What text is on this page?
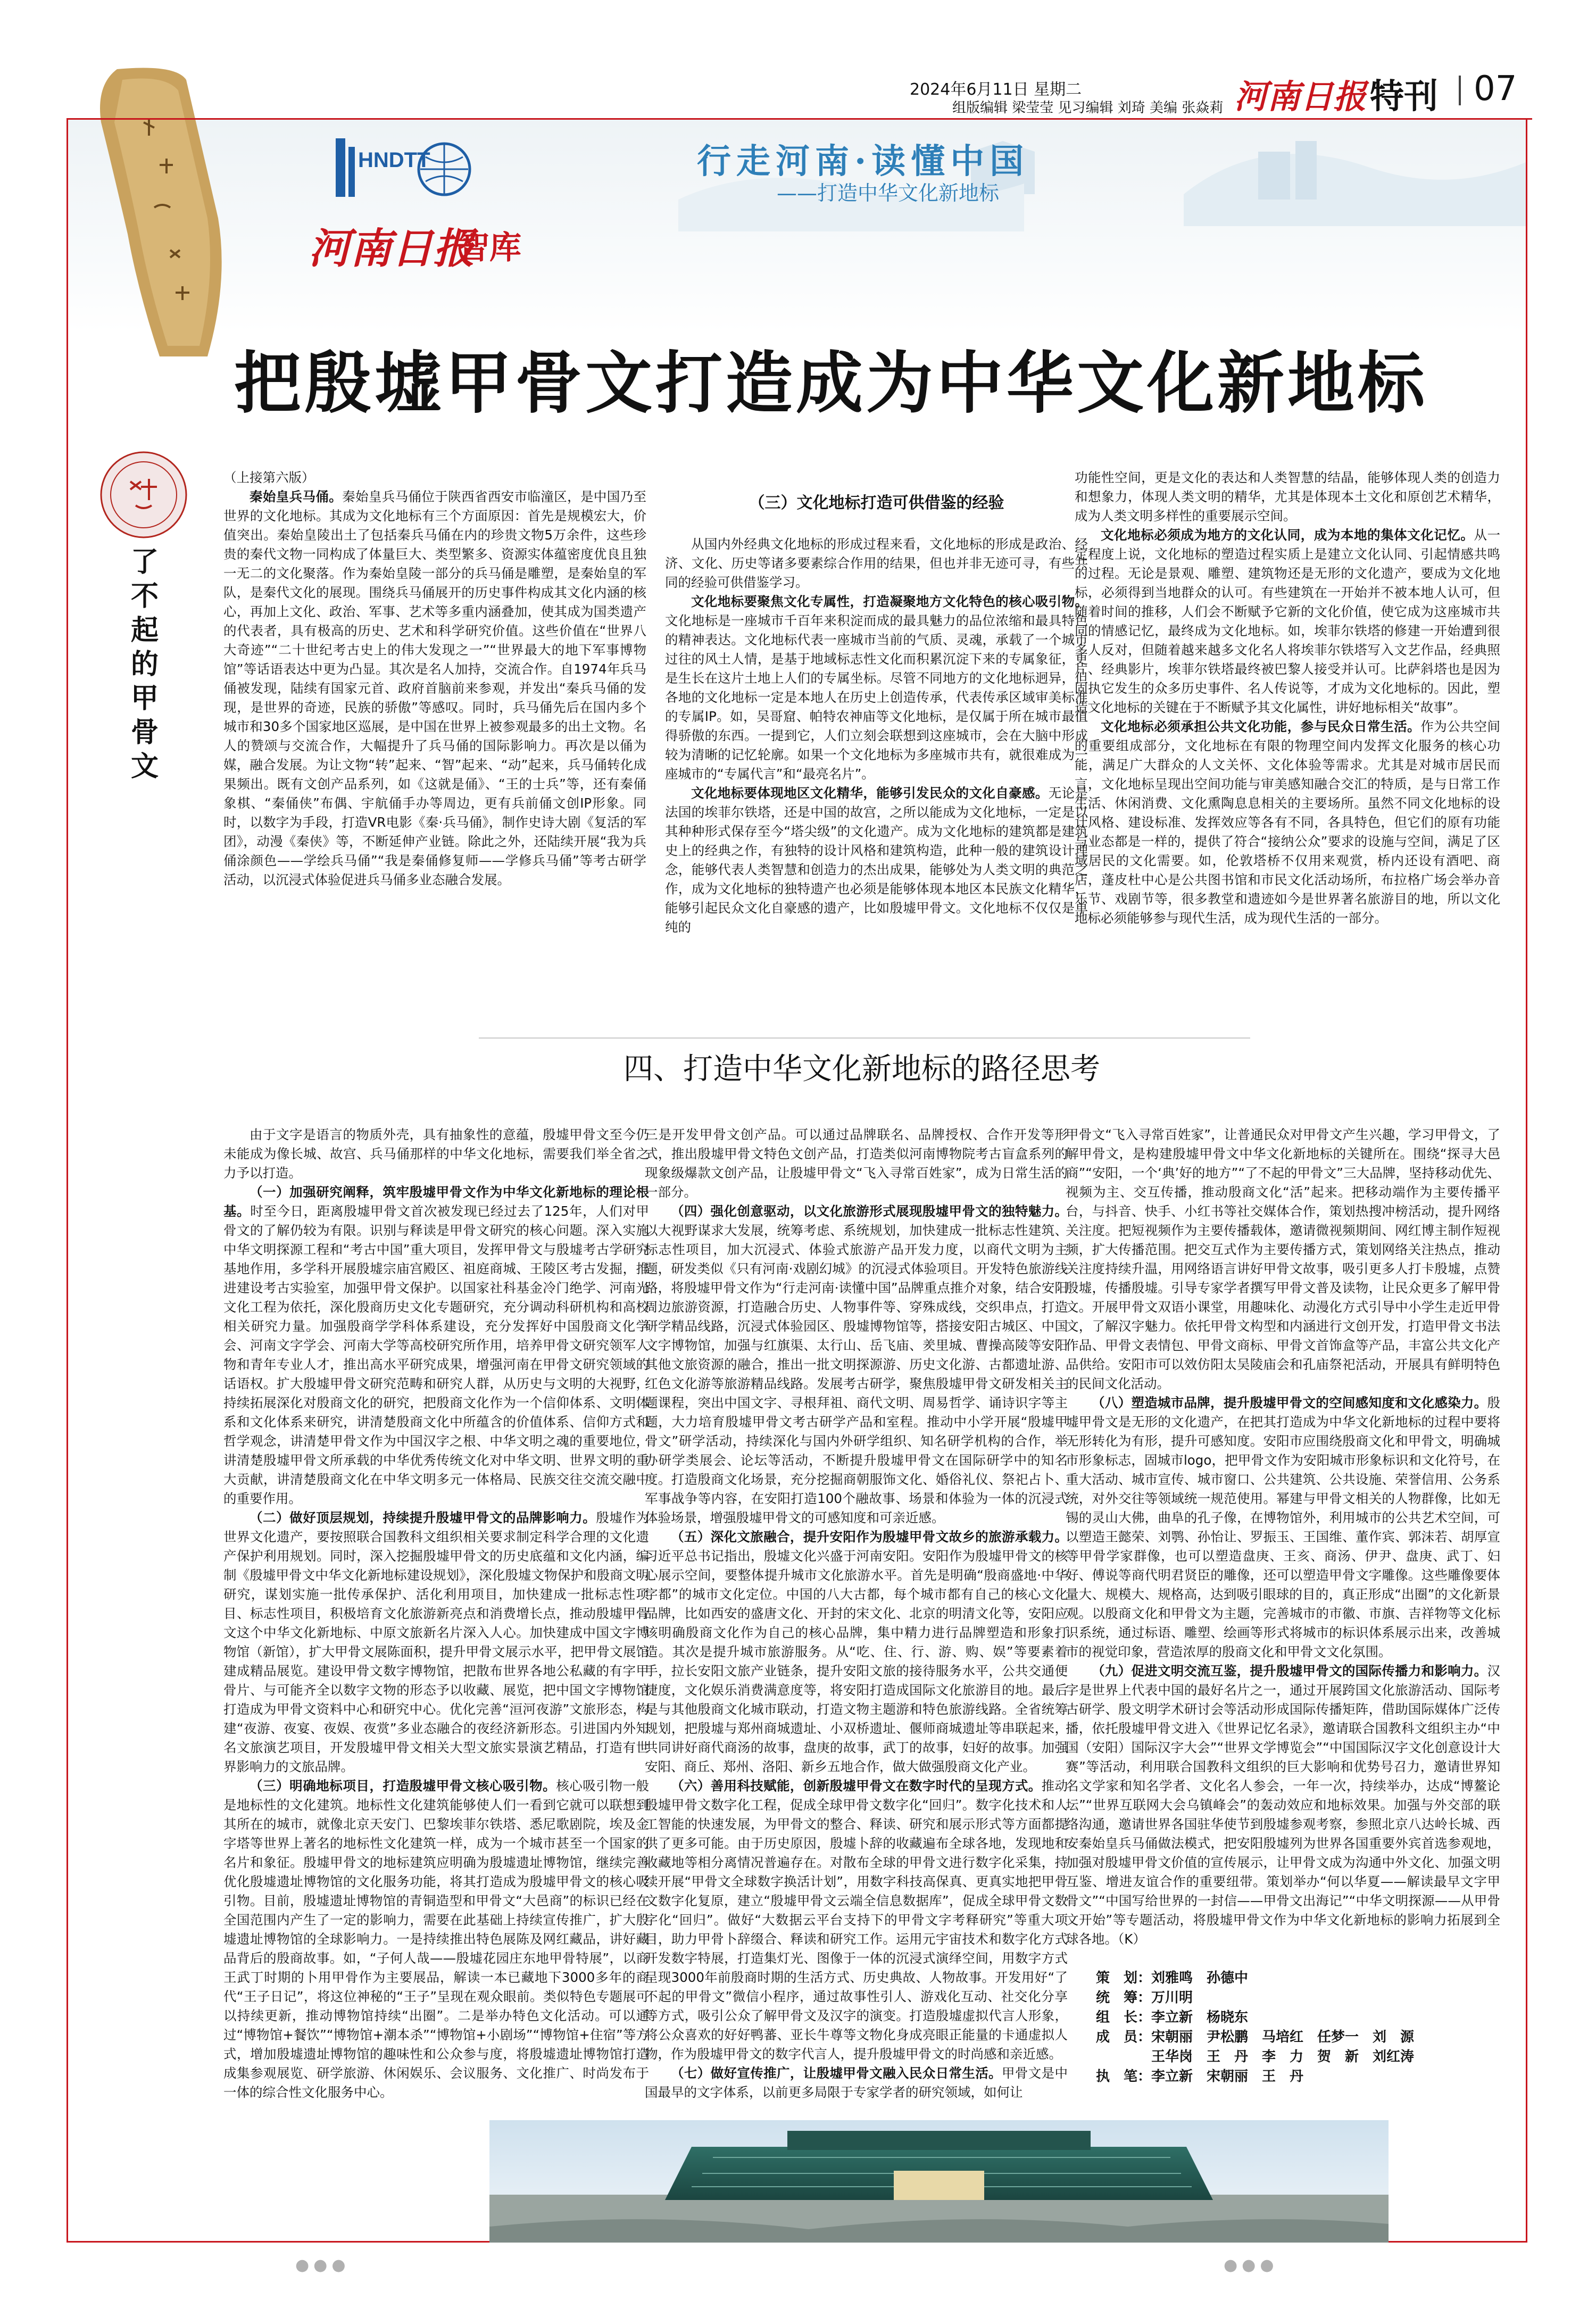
2024年6月11日 星期二
组版编辑 梁莹莹 见习编辑 刘琦 美编 张焱莉 河南日报 特刊 07
HNDTT	行走河南·读懂中国
——打造中华文化新地标
河南日报
智库
了不起的甲骨文
把殷墟甲骨文打造成为中华文化新地标

（上接第六版）

秦始皇兵马俑。秦始皇兵马俑位于陕西省西安市临潼区，是中国乃至世界的文化地标。其成为文化地标有三个方面原因：首先是规模宏大，价值突出。秦始皇陵出土了包括秦兵马俑在内的珍贵文物5万余件，这些珍贵的秦代文物一同构成了体量巨大、类型繁多、资源实体蕴密度优良且独一无二的文化聚落。作为秦始皇陵一部分的兵马俑是雕塑，是秦始皇的军队，是秦代文化的展现。围绕兵马俑展开的历史事件构成其文化内涵的核心，再加上文化、政治、军事、艺术等多重内涵叠加，使其成为国类遗产的代表者，具有极高的历史、艺术和科学研究价值。这些价值在“世界八大奇迹”“二十世纪考古史上的伟大发现之一”“世界最大的地下军事博物馆”等话语表达中更为凸显。其次是名人加持，交流合作。自1974年兵马俑被发现，陆续有国家元首、政府首脑前来参观，并发出“秦兵马俑的发现，是世界的奇迹，民族的骄傲”等感叹。同时，兵马俑先后在国内多个城市和30多个国家地区巡展，是中国在世界上被参观最多的出土文物。名人的赞颂与交流合作，大幅提升了兵马俑的国际影响力。再次是以俑为媒，融合发展。为让文物“转”起来、“智”起来、“动”起来，兵马俑转化成果频出。既有文创产品系列，如《这就是俑》、“王的士兵”等，还有秦俑象棋、“秦俑侠”布偶、宇航俑手办等周边，更有兵前俑文创IP形象。同时，以数字为手段，打造VR电影《秦·兵马俑》，制作史诗大剧《复活的军团》，动漫《秦侠》等，不断延伸产业链。除此之外，还陆续开展“我为兵俑涂颜色——学绘兵马俑”“我是秦俑修复师——学修兵马俑”等考古研学活动，以沉浸式体验促进兵马俑多业态融合发展。

（三）文化地标打造可供借鉴的经验

从国内外经典文化地标的形成过程来看，文化地标的形成是政治、经济、文化、历史等诸多要素综合作用的结果，但也并非无迹可寻，有些共同的经验可供借鉴学习。

文化地标要聚焦文化专属性，打造凝聚地方文化特色的核心吸引物。文化地标是一座城市千百年来积淀而成的最具魅力的品位浓缩和最具特色的精神表达。文化地标代表一座城市当前的气质、灵魂，承载了一个城市过往的风土人情，是基于地域标志性文化而积累沉淀下来的专属象征，更是生长在这片土地上人们的专属坐标。尽管不同地方的文化地标迥异，但各地的文化地标一定是本地人在历史上创造传承，代表传承区域审美标准的专属IP。如，吴哥窟、帕特农神庙等文化地标，是仅属于所在城市最值得骄傲的东西。一提到它，人们立刻会联想到这座城市，会在大脑中形成较为清晰的记忆轮廓。如果一个文化地标为多座城市共有，就很难成为一座城市的“专属代言”和“最亮名片”。

文化地标要体现地区文化精华，能够引发民众的文化自豪感。无论是法国的埃菲尔铁塔，还是中国的故宫，之所以能成为文化地标，一定是以其种种形式保存至今“塔尖级”的文化遗产。成为文化地标的建筑都是建筑史上的经典之作，有独特的设计风格和建筑构造，此种一般的建筑设计理念，能够代表人类智慧和创造力的杰出成果，能够处为人类文明的典范之作，成为文化地标的独特遗产也必须是能够体现本地区本民族文化精华，能够引起民众文化自豪感的遗产，比如殷墟甲骨文。文化地标不仅仅是单纯的

功能性空间，更是文化的表达和人类智慧的结晶，能够体现人类的创造力和想象力，体现人类文明的精华，尤其是体现本土文化和原创艺术精华，成为人类文明多样性的重要展示空间。

文化地标必须成为地方的文化认同，成为本地的集体文化记忆。从一定程度上说，文化地标的塑造过程实质上是建立文化认同、引起情感共鸣的过程。无论是景观、雕塑、建筑物还是无形的文化遗产，要成为文化地标，必须得到当地群众的认可。有些建筑在一开始并不被本地人认可，但随着时间的推移，人们会不断赋予它新的文化价值，使它成为这座城市共同的情感记忆，最终成为文化地标。如，埃菲尔铁塔的修建一开始遭到很多人反对，但随着越来越多文化名人将埃菲尔铁塔写入文艺作品，经典照片、经典影片，埃菲尔铁塔最终被巴黎人接受并认可。比萨斜塔也是因为固执它发生的众多历史事件、名人传说等，才成为文化地标的。因此，塑造文化地标的关键在于不断赋予其文化属性，讲好地标相关“故事”。

文化地标必须承担公共文化功能，参与民众日常生活。作为公共空间的重要组成部分，文化地标在有限的物理空间内发挥文化服务的核心功能，满足广大群众的人文关怀、文化体验等需求。尤其是对城市居民而言，文化地标呈现出空间功能与审美感知融合交汇的特质，是与日常工作生活、休闲消费、文化熏陶息息相关的主要场所。虽然不同文化地标的设计风格、建设标准、发挥效应等各有不同，各具特色，但它们的原有功能与业态都是一样的，提供了符合“接纳公众”要求的设施与空间，满足了区域居民的文化需要。如，伦敦塔桥不仅用来观赏，桥内还设有酒吧、商店，蓬皮杜中心是公共图书馆和市民文化活动场所，布拉格广场会举办音乐节、戏剧节等，很多教堂和遗迹如今是世界著名旅游目的地，所以文化地标必须能够参与现代生活，成为现代生活的一部分。

四、打造中华文化新地标的路径思考

由于文字是语言的物质外壳，具有抽象性的意蕴，殷墟甲骨文至今仍未能成为像长城、故宫、兵马俑那样的中华文化地标，需要我们举全省之力予以打造。

（一）加强研究阐释，筑牢殷墟甲骨文作为中华文化新地标的理论根基。时至今日，距离殷墟甲骨文首次被发现已经过去了125年，人们对甲骨文的了解仍较为有限。识别与释读是甲骨文研究的核心问题。深入实施中华文明探源工程和“考古中国”重大项目，发挥甲骨文与殷墟考古学研究基地作用，多学科开展殷墟宗庙宫殿区、祖庭商城、王陵区考古发掘，推进建设考古实验室，加强甲骨文保护。以国家社科基金冷门绝学、河南光文化工程为依托，深化殷商历史文化专题研究，充分调动科研机构和高校相关研究力量。加强殷商学学科体系建设，充分发挥好中国殷商文化学会、河南文字学会、河南大学等高校研究所作用，培养甲骨文研究领军人物和青年专业人才，推出高水平研究成果，增强河南在甲骨文研究领域的话语权。扩大殷墟甲骨文研究范畴和研究人群，从历史与文明的大视野，持续拓展深化对殷商文化的研究，把殷商文化作为一个信仰体系、文明体系和文化体系来研究，讲清楚殷商文化中所蕴含的价值体系、信仰方式和哲学观念，讲清楚甲骨文作为中国汉字之根、中华文明之魂的重要地位，讲清楚殷墟甲骨文所承载的中华优秀传统文化对中华文明、世界文明的重大贡献，讲清楚殷商文化在中华文明多元一体格局、民族交往交流交融中的重要作用。

（二）做好顶层规划，持续提升殷墟甲骨文的品牌影响力。殷墟作为世界文化遗产，要按照联合国教科文组织相关要求制定科学合理的文化遗产保护利用规划。同时，深入挖掘殷墟甲骨文的历史底蕴和文化内涵，编制《殷墟甲骨文中华文化新地标建设规划》，深化殷墟文物保护和殷商文明研究，谋划实施一批传承保护、活化利用项目，加快建成一批标志性项目、标志性项目，积极培育文化旅游新亮点和消费增长点，推动殷墟甲骨文这个中华文化新地标、中原文旅新名片深入人心。加快建成中国文字博物馆（新馆），扩大甲骨文展陈面积，提升甲骨文展示水平，把甲骨文展馆建成精品展览。建设甲骨文数字博物馆，把散布世界各地公私藏的有字甲骨片、与可能齐全以数字文物的形态予以收藏、展览，把中国文字博物馆打造成为甲骨文资料中心和研究中心。优化完善“洹河夜游”文旅形态，构建“夜游、夜宴、夜娱、夜赏”多业态融合的夜经济新形态。引进国内外知名文旅演艺项目，开发殷墟甲骨文相关大型文旅实景演艺精品，打造有世界影响力的文旅品牌。

（三）明确地标项目，打造殷墟甲骨文核心吸引物。核心吸引物一般是地标性的文化建筑。地标性文化建筑能够使人们一看到它就可以联想到其所在的城市，就像北京天安门、巴黎埃菲尔铁塔、悉尼歌剧院，埃及金字塔等世界上著名的地标性文化建筑一样，成为一个城市甚至一个国家的名片和象征。殷墟甲骨文的地标建筑应明确为殷墟遗址博物馆，继续完善优化殷墟遗址博物馆的文化服务功能，将其打造成为殷墟甲骨文的核心吸引物。目前，殷墟遗址博物馆的青铜造型和甲骨文“大邑商”的标识已经在全国范围内产生了一定的影响力，需要在此基础上持续宣传推广，扩大殷墟遗址博物馆的全球影响力。一是持续推出特色展陈及网红藏品，讲好藏品背后的殷商故事。如，“子何人哉——殷墟花园庄东地甲骨特展”，以商王武丁时期的卜用甲骨作为主要展品，解读一本已藏地下3000多年的商代“王子日记”，将这位神秘的“王子”呈现在观众眼前。类似特色专题展可以持续更新，推动博物馆持续“出圈”。二是举办特色文化活动。可以通过“博物馆+餐饮”“博物馆+潮本杀”“博物馆+小剧场”“博物馆+住宿”等方式，增加殷墟遗址博物馆的趣味性和公众参与度，将殷墟遗址博物馆打造成集参观展览、研学旅游、休闲娱乐、会议服务、文化推广、时尚发布于一体的综合性文化服务中心。

三是开发甲骨文创产品。可以通过品牌联名、品牌授权、合作开发等形式，推出殷墟甲骨文特色文创产品，打造类似河南博物院考古盲盒系列的现象级爆款文创产品，让殷墟甲骨文“飞入寻常百姓家”，成为日常生活的一部分。

（四）强化创意驱动，以文化旅游形式展现殷墟甲骨文的独特魅力。以大视野谋求大发展，统筹考虑、系统规划，加快建成一批标志性建筑、标志性项目，加大沉浸式、体验式旅游产品开发力度，以商代文明为主题，研发类似《只有河南·戏剧幻城》的沉浸式体验项目。开发特色旅游线路，将殷墟甲骨文作为“行走河南·读懂中国”品牌重点推介对象，结合安阳周边旅游资源，打造融合历史、人物事件等、穿殊成线，交织串点，打造研学精品线路，沉浸式体验园区、殷墟博物馆等，搭接安阳古城区、中国文字博物馆，加强与红旗渠、太行山、岳飞庙、羑里城、曹操高陵等安阳其他文旅资源的融合，推出一批文明探源游、历史文化游、古都遗址游、红色文化游等旅游精品线路。发展考古研学，聚焦殷墟甲骨文研发相关主题课程，突出中国文字、寻根拜祖、商代文明、周易哲学、诵诗识字等主题，大力培育殷墟甲骨文考古研学产品和室程。推动中小学开展“殷墟甲骨文”研学活动，持续深化与国内外研学组织、知名研学机构的合作，举办研学类展会、论坛等活动，不断提升殷墟甲骨文在国际研学中的知名度。打造殷商文化场景，充分挖掘商朝服饰文化、婚俗礼仪、祭祀占卜、军事战争等内容，在安阳打造100个融故事、场景和体验为一体的沉浸式体验场景，增强殷墟甲骨文的可感知度和可亲近感。

（五）深化文旅融合，提升安阳作为殷墟甲骨文故乡的旅游承载力。习近平总书记指出，殷墟文化兴盛于河南安阳。安阳作为殷墟甲骨文的核心展示空间，要整体提升城市文化旅游水平。首先是明确“殷商盛地·中华字都”的城市文化定位。中国的八大古都，每个城市都有自己的核心文化品牌，比如西安的盛唐文化、开封的宋文化、北京的明清文化等，安阳应该明确殷商文化作为自己的核心品牌，集中精力进行品牌塑造和形象打造。其次是提升城市旅游服务。从“吃、住、行、游、购、娱”等要素着手，拉长安阳文旅产业链条，提升安阳文旅的接待服务水平，公共交通便捷度，文化娱乐消费满意度等，将安阳打造成国际文化旅游目的地。最后是与其他殷商文化城市联动，打造文物主题游和特色旅游线路。全省统筹规划，把殷墟与郑州商城遗址、小双桥遗址、偃师商城遗址等串联起来，共同讲好商代商汤的故事，盘庚的故事，武丁的故事，妇好的故事。加强安阳、商丘、郑州、洛阳、新乡五地合作，做大做强殷商文化产业。

（六）善用科技赋能，创新殷墟甲骨文在数字时代的呈现方式。推动殷墟甲骨文数字化工程，促成全球甲骨文数字化“回归”。数字化技术和人工智能的快速发展，为甲骨文的整合、释读、研究和展示形式等方面都提供了更多可能。由于历史原因，殷墟卜辞的收藏遍布全球各地，发现地和收藏地等相分离情况普遍存在。对散布全球的甲骨文进行数字化采集，持续开展“甲骨文全球数字换活计划”，用数字科技高保真、更真实地把甲骨文数字化复原，建立“殷墟甲骨文云端全信息数据库”，促成全球甲骨文数字化“回归”。做好“大数据云平台支持下的甲骨文字考释研究”等重大项目，助力甲骨卜辞缀合、释读和研究工作。运用元宇宙技术和数字化方式开发数字特展，打造集灯光、图像于一体的沉浸式演绎空间，用数字方式呈现3000年前殷商时期的生活方式、历史典故、人物故事。开发用好“了不起的甲骨文”微信小程序，通过故事性引人、游戏化互动、社交化分享等方式，吸引公众了解甲骨文及汉字的演变。打造殷墟虚拟代言人形象，将公众喜欢的好好鸭蕃、亚长牛尊等文物化身成亮眼正能量的卡通虚拟人物，作为殷墟甲骨文的数字代言人，提升殷墟甲骨文的时尚感和亲近感。

（七）做好宣传推广，让殷墟甲骨文融入民众日常生活。甲骨文是中国最早的文字体系，以前更多局限于专家学者的研究领域，如何让

甲骨文“飞入寻常百姓家”，让普通民众对甲骨文产生兴趣，学习甲骨文，了解甲骨文，是构建殷墟甲骨文中华文化新地标的关键所在。围绕“探寻大邑商”“安阳，一个‘典’好的地方”“了不起的甲骨文”三大品牌，坚持移动优先、视频为主、交互传播，推动殷商文化“活”起来。把移动端作为主要传播平台，与抖音、快手、小红书等社交媒体合作，策划热搜冲榜活动，提升网络关注度。把短视频作为主要传播载体，邀请微视频期间、网红博主制作短视频，扩大传播范围。把交互式作为主要传播方式，策划网络关注热点，推动关注度持续升温，用网络语言讲好甲骨文故事，吸引更多人打卡殷墟，点赞殷墟，传播殷墟。引导专家学者撰写甲骨文普及读物，让民众更多了解甲骨文。开展甲骨文双语小课堂，用趣味化、动漫化方式引导中小学生走近甲骨文，了解汉字魅力。依托甲骨文构型和内涵进行文创开发，打造甲骨文书法作品、甲骨文表情包、甲骨文商标、甲骨文首饰盒等产品，丰富公共文化产品供给。安阳市可以效仿阳太吴陵庙会和孔庙祭祀活动，开展具有鲜明特色的民间文化活动。

（八）塑造城市品牌，提升殷墟甲骨文的空间感知度和文化感染力。殷墟甲骨文是无形的文化遗产，在把其打造成为中华文化新地标的过程中要将无形转化为有形，提升可感知度。安阳市应围绕殷商文化和甲骨文，明确城市形象标志，固城市logo，把甲骨文作为安阳城市形象标识和文化符号，在重大活动、城市宣传、城市窗口、公共建筑、公共设施、荣誉信用、公务系统，对外交往等领域统一规范使用。幂建与甲骨文相关的人物群像，比如无锡的灵山大佛，曲阜的孔子像，在博物馆外，利用城市的公共艺术空间，可以塑造王懿荣、刘鹗、孙怡让、罗振玉、王国维、董作宾、郭沫若、胡厚宣等甲骨学家群像，也可以塑造盘庚、王亥、商汤、伊尹、盘庚、武丁、妇好、傅说等商代明君贤臣的雕像，还可以塑造甲骨文字雕像。这些雕像要体量大、规模大、规格高，达到吸引眼球的目的，真正形成“出圈”的文化新景观。以殷商文化和甲骨文为主题，完善城市的市徽、市旗、吉祥物等文化标识系统，通过标语、雕塑、绘画等形式将城市的标识体系展示出来，改善城市的视觉印象，营造浓厚的殷商文化和甲骨文文化氛围。

（九）促进文明交流互鉴，提升殷墟甲骨文的国际传播力和影响力。汉字是世界上代表中国的最好名片之一，通过开展跨国文化旅游活动、国际考古研学、殷文明学术研讨会等活动形成国际传播矩阵，借助国际媒体广泛传播，依托殷墟甲骨文进入《世界记忆名录》，邀请联合国教科文组织主办“中国（安阳）国际汉字大会”“世界文学博览会”“中国国际汉字文化创意设计大赛”等活动，利用联合国教科文组织的巨大影响和优势号召力，邀请世界知名文学家和知名学者、文化名人参会，一年一次，持续举办，达成“博鳌论坛”“世界互联网大会乌镇峰会”的轰动效应和地标效果。加强与外交部的联络沟通，邀请世界各国驻华使节到殷墟参观考察，参照北京八达岭长城、西安秦始皇兵马俑做法模式，把安阳殷墟列为世界各国重要外宾首选参观地，加强对殷墟甲骨文价值的宣传展示，让甲骨文成为沟通中外文化、加强文明互鉴、增进友谊合作的重要纽带。策划举办“何以华夏——解读最早文字甲骨文”“中国写给世界的一封信——甲骨文出海记”“中华文明探源——从甲骨文开始”等专题活动，将殷墟甲骨文作为中华文化新地标的影响力拓展到全球各地。（K）

策　划：刘雅鸣　孙德中
统　筹：万川明
组　长：李立新　杨晓东
成　员：宋朝丽　尹松鹏　马培红　任梦一　刘　源
王华岗　王　丹　李　力　贺　新　刘红涛
执　笔：李立新　宋朝丽　王　丹
●●●	●●●
